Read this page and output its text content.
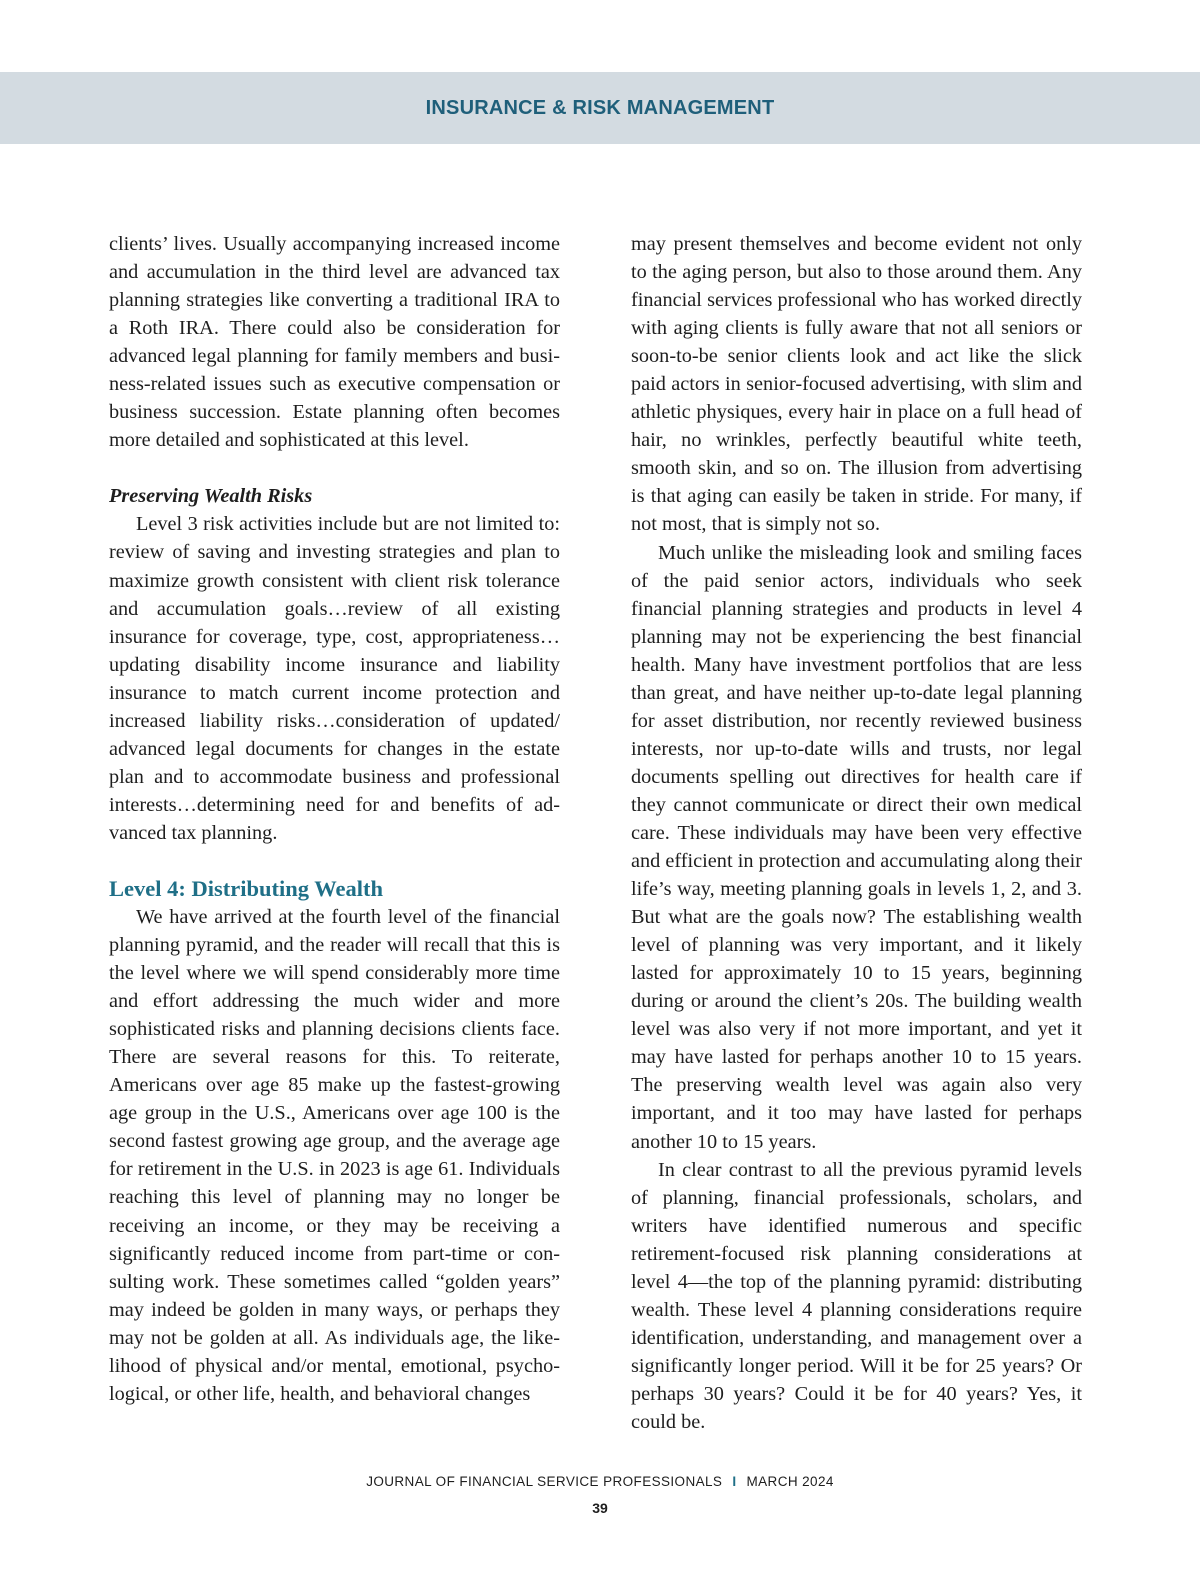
INSURANCE & RISK MANAGEMENT

clients’ lives. Usually accompanying increased income and accumulation in the third level are advanced tax planning strategies like converting a traditional IRA to a Roth IRA. There could also be consideration for advanced legal planning for family members and business-related issues such as executive compensation or business succession. Estate planning often becomes more detailed and sophisticated at this level.

Preserving Wealth Risks

Level 3 risk activities include but are not limited to: review of saving and investing strategies and plan to maximize growth consistent with client risk tolerance and accumulation goals…review of all existing insurance for coverage, type, cost, appropriateness… updating disability income insurance and liability insurance to match current income protection and increased liability risks…consideration of updated/ advanced legal documents for changes in the estate plan and to accommodate business and professional interests…determining need for and benefits of advanced tax planning.

Level 4: Distributing Wealth

We have arrived at the fourth level of the financial planning pyramid, and the reader will recall that this is the level where we will spend considerably more time and effort addressing the much wider and more sophisticated risks and planning decisions clients face. There are several reasons for this. To reiterate, Americans over age 85 make up the fastest-growing age group in the U.S., Americans over age 100 is the second fastest growing age group, and the average age for retirement in the U.S. in 2023 is age 61. Individuals reaching this level of planning may no longer be receiving an income, or they may be receiving a significantly reduced income from part-time or consulting work. These sometimes called “golden years” may indeed be golden in many ways, or perhaps they may not be golden at all. As individuals age, the likelihood of physical and/or mental, emotional, psychological, or other life, health, and behavioral changes

may present themselves and become evident not only to the aging person, but also to those around them. Any financial services professional who has worked directly with aging clients is fully aware that not all seniors or soon-to-be senior clients look and act like the slick paid actors in senior-focused advertising, with slim and athletic physiques, every hair in place on a full head of hair, no wrinkles, perfectly beautiful white teeth, smooth skin, and so on. The illusion from advertising is that aging can easily be taken in stride. For many, if not most, that is simply not so.

Much unlike the misleading look and smiling faces of the paid senior actors, individuals who seek financial planning strategies and products in level 4 planning may not be experiencing the best financial health. Many have investment portfolios that are less than great, and have neither up-to-date legal planning for asset distribution, nor recently reviewed business interests, nor up-to-date wills and trusts, nor legal documents spelling out directives for health care if they cannot communicate or direct their own medical care. These individuals may have been very effective and efficient in protection and accumulating along their life’s way, meeting planning goals in levels 1, 2, and 3. But what are the goals now? The establishing wealth level of planning was very important, and it likely lasted for approximately 10 to 15 years, beginning during or around the client’s 20s. The building wealth level was also very if not more important, and yet it may have lasted for perhaps another 10 to 15 years. The preserving wealth level was again also very important, and it too may have lasted for perhaps another 10 to 15 years.

In clear contrast to all the previous pyramid levels of planning, financial professionals, scholars, and writers have identified numerous and specific retirement-focused risk planning considerations at level 4—the top of the planning pyramid: distributing wealth. These level 4 planning considerations require identification, understanding, and management over a significantly longer period. Will it be for 25 years? Or perhaps 30 years? Could it be for 40 years? Yes, it could be.

JOURNAL OF FINANCIAL SERVICE PROFESSIONALS I MARCH 2024
39
